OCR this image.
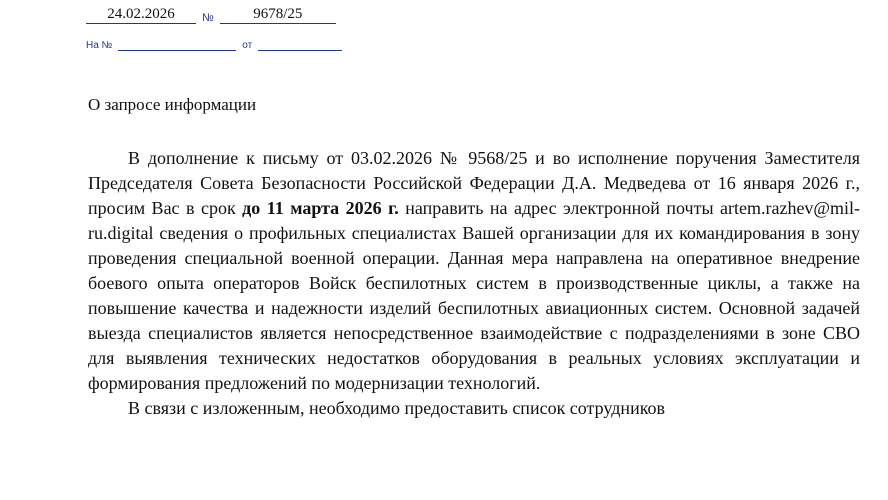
24.02.2026	№	9678/25
На №	от
О запросе информации

В дополнение к письму от 03.02.2026 № 9568/25 и во исполнение поручения Заместителя Председателя Совета Безопасности Российской Федерации Д.А. Медведева от 16 января 2026 г., просим Вас в срок до 11 марта 2026 г. направить на адрес электронной почты artem.razhev@mil-ru.digital сведения о профильных специалистах Вашей организации для их командирования в зону проведения специальной военной операции. Данная мера направлена на оперативное внедрение боевого опыта операторов Войск беспилотных систем в производственные циклы, а также на повышение качества и надежности изделий беспилотных авиационных систем. Основной задачей выезда специалистов является непосредственное взаимодействие с подразделениями в зоне СВО для выявления технических недостатков оборудования в реальных условиях эксплуатации и формирования предложений по модернизации технологий.

В связи с изложенным, необходимо предоставить список сотрудников
